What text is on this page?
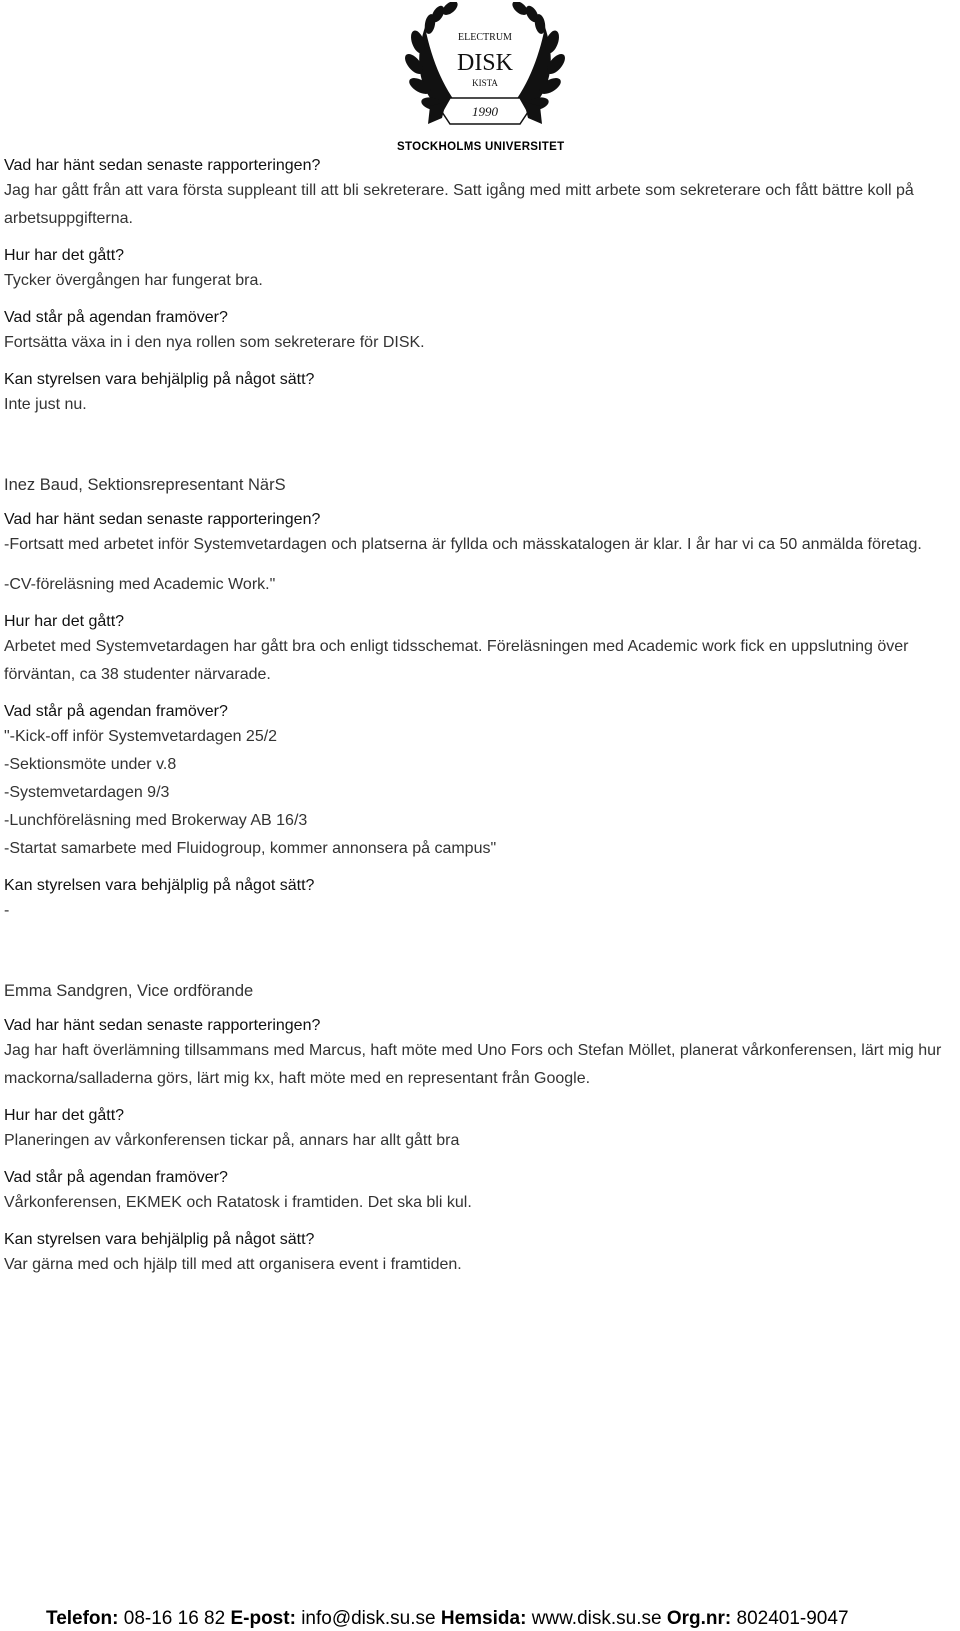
ELECTRUM
DISK
KISTA
1990
STOCKHOLMS UNIVERSITET

Vad har hänt sedan senaste rapporteringen?

Jag har gått från att vara första suppleant till att bli sekreterare. Satt igång med mitt arbete som sekreterare och fått bättre koll på arbetsuppgifterna.

Hur har det gått?

Tycker övergången har fungerat bra.

Vad står på agendan framöver?

Fortsätta växa in i den nya rollen som sekreterare för DISK.

Kan styrelsen vara behjälplig på något sätt?

Inte just nu.

Inez Baud, Sektionsrepresentant NärS

Vad har hänt sedan senaste rapporteringen?

-Fortsatt med arbetet inför Systemvetardagen och platserna är fyllda och mässkatalogen är klar. I år har vi ca 50 anmälda företag.

-CV-föreläsning med Academic Work."

Hur har det gått?

Arbetet med Systemvetardagen har gått bra och enligt tidsschemat. Föreläsningen med Academic work fick en uppslutning över förväntan, ca 38 studenter närvarade.

Vad står på agendan framöver?

"-Kick-off inför Systemvetardagen 25/2

-Sektionsmöte under v.8

-Systemvetardagen 9/3

-Lunchföreläsning med Brokerway AB 16/3

-Startat samarbete med Fluidogroup, kommer annonsera på campus"

Kan styrelsen vara behjälplig på något sätt?

-

Emma Sandgren, Vice ordförande

Vad har hänt sedan senaste rapporteringen?

Jag har haft överlämning tillsammans med Marcus, haft möte med Uno Fors och Stefan Möllet, planerat vårkonferensen, lärt mig hur mackorna/salladerna görs, lärt mig kx, haft möte med en representant från Google.

Hur har det gått?

Planeringen av vårkonferensen tickar på, annars har allt gått bra

Vad står på agendan framöver?

Vårkonferensen, EKMEK och Ratatosk i framtiden. Det ska bli kul.

Kan styrelsen vara behjälplig på något sätt?

Var gärna med och hjälp till med att organisera event i framtiden.

Telefon: 08-16 16 82 E-post: info@disk.su.se Hemsida: www.disk.su.se Org.nr: 802401-9047
